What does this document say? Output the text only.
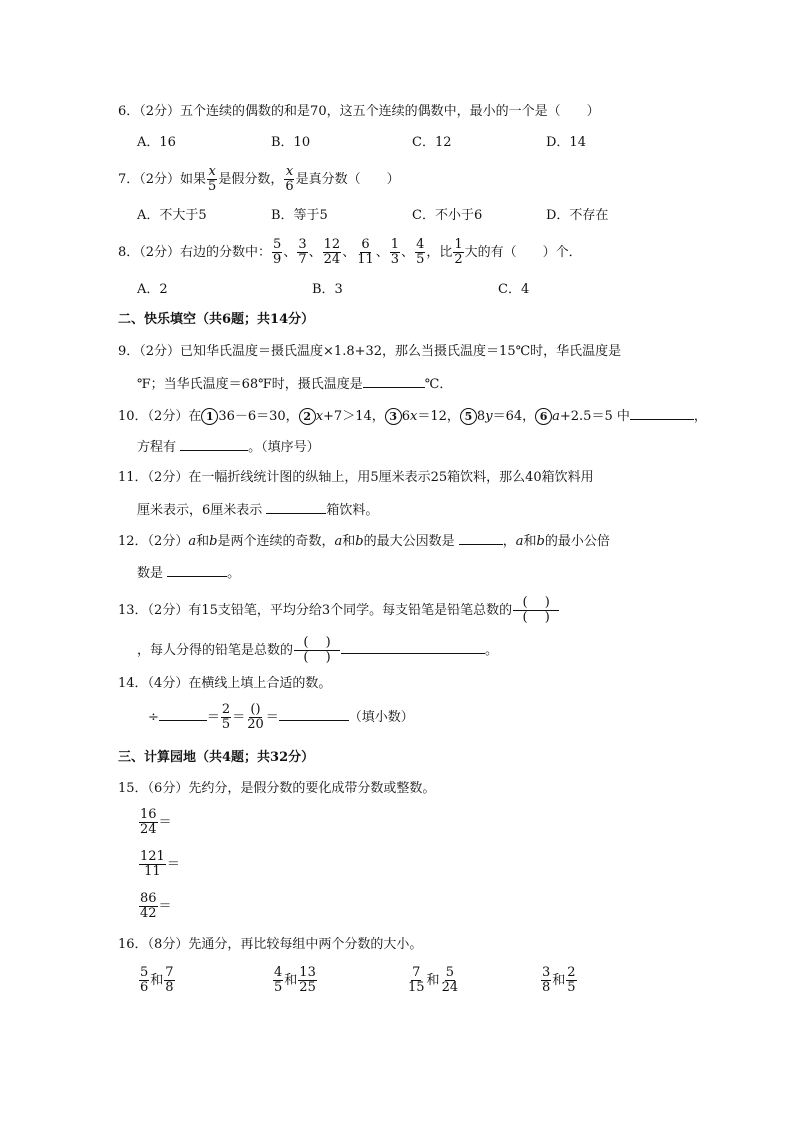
6．（2分）五个连续的偶数的和是70，这五个连续的偶数中，最小的一个是（　　）
A．16	B．10	C．12	D．14
7．（2分）如果 $\frac{x}{5}$ 是假分数， $\frac{x}{6}$ 是真分数（　　）
A．不大于5	B．等于5	C．不小于6	D．不存在
8．（2分）右边的分数中： $\frac{5}{9}$ 、 $\frac{3}{7}$ 、 $\frac{12}{24}$ 、 $\frac{6}{11}$ 、 $\frac{1}{3}$ 、 $\frac{4}{5}$ ，比 $\frac{1}{2}$ 大的有（　　）个．
A．2	B．3	C．4
二、快乐填空（共6题；共14分）
9．（2分）已知华氏温度＝摄氏温度×1.8+32，那么当摄氏温度＝15℃时，华氏温度是
℉；当华氏温度＝68℉时，摄氏温度是	℃．
10．（2分）在 1 36－6＝30， 2 x+7＞14， 3 6x＝12， 5 8y＝64， 6 a+2.5＝5 中	，
方程有	。（填序号）
11．（2分）在一幅折线统计图的纵轴上，用5厘米表示25箱饮料，那么40箱饮料用
厘米表示，6厘米表示	箱饮料。
12．（2分）a和b是两个连续的奇数，a和b的最大公因数是	，a和b的最小公倍
数是	。
13．（2分）有15支铅笔，平均分给3个同学。每支铅笔是铅笔总数的
(  )
(  )
，每人分得的铅笔是总数的
(  )
(  )	。
14．（4分）在横线上填上合适的数。
÷	＝ $\frac{2}{5}$ ＝
()
20 ＝	（填小数）
三、计算园地（共4题；共32分）
15．（6分）先约分，是假分数的要化成带分数或整数。
$\frac{16}{24}$ ＝
$\frac{121}{11}$ ＝
$\frac{86}{42}$ ＝
16．（8分）先通分，再比较每组中两个分数的大小。
$\frac{5}{6}$ 和 $\frac{7}{8}$	$\frac{4}{5}$ 和 $\frac{13}{25}$	$\frac{7}{15}$ 和 $\frac{5}{24}$	$\frac{3}{8}$ 和 $\frac{2}{5}$
